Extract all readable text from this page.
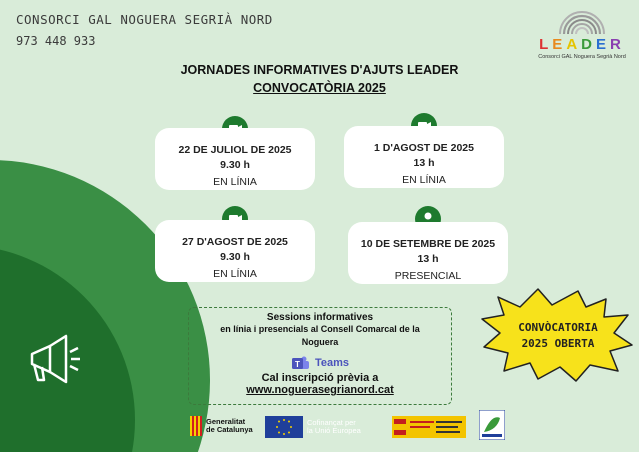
CONSORCI GAL NOGUERA SEGRIÀ NORD
973 448 933	LEADER
Consorci GAL Noguera Segrià Nord
JORNADES INFORMATIVES D'AJUTS LEADER
CONVOCATÒRIA 2025
22 DE JULIOL DE 2025
9.30 h
EN LÍNIA
1 D'AGOST DE 2025
13 h
EN LÍNIA
27 D'AGOST DE 2025
9.30 h
EN LÍNIA
10 DE SETEMBRE DE 2025
13 h
PRESENCIAL
Sessions informatives
en línia i presencials al Consell Comarcal de la
Noguera
T Teams
Cal inscripció prèvia a
www.noguerasegrianord.cat
CONVÒCATORIA
2025 OBERTA
Generalitat
de Catalunya
Cofinançat per
la Unió Europea
